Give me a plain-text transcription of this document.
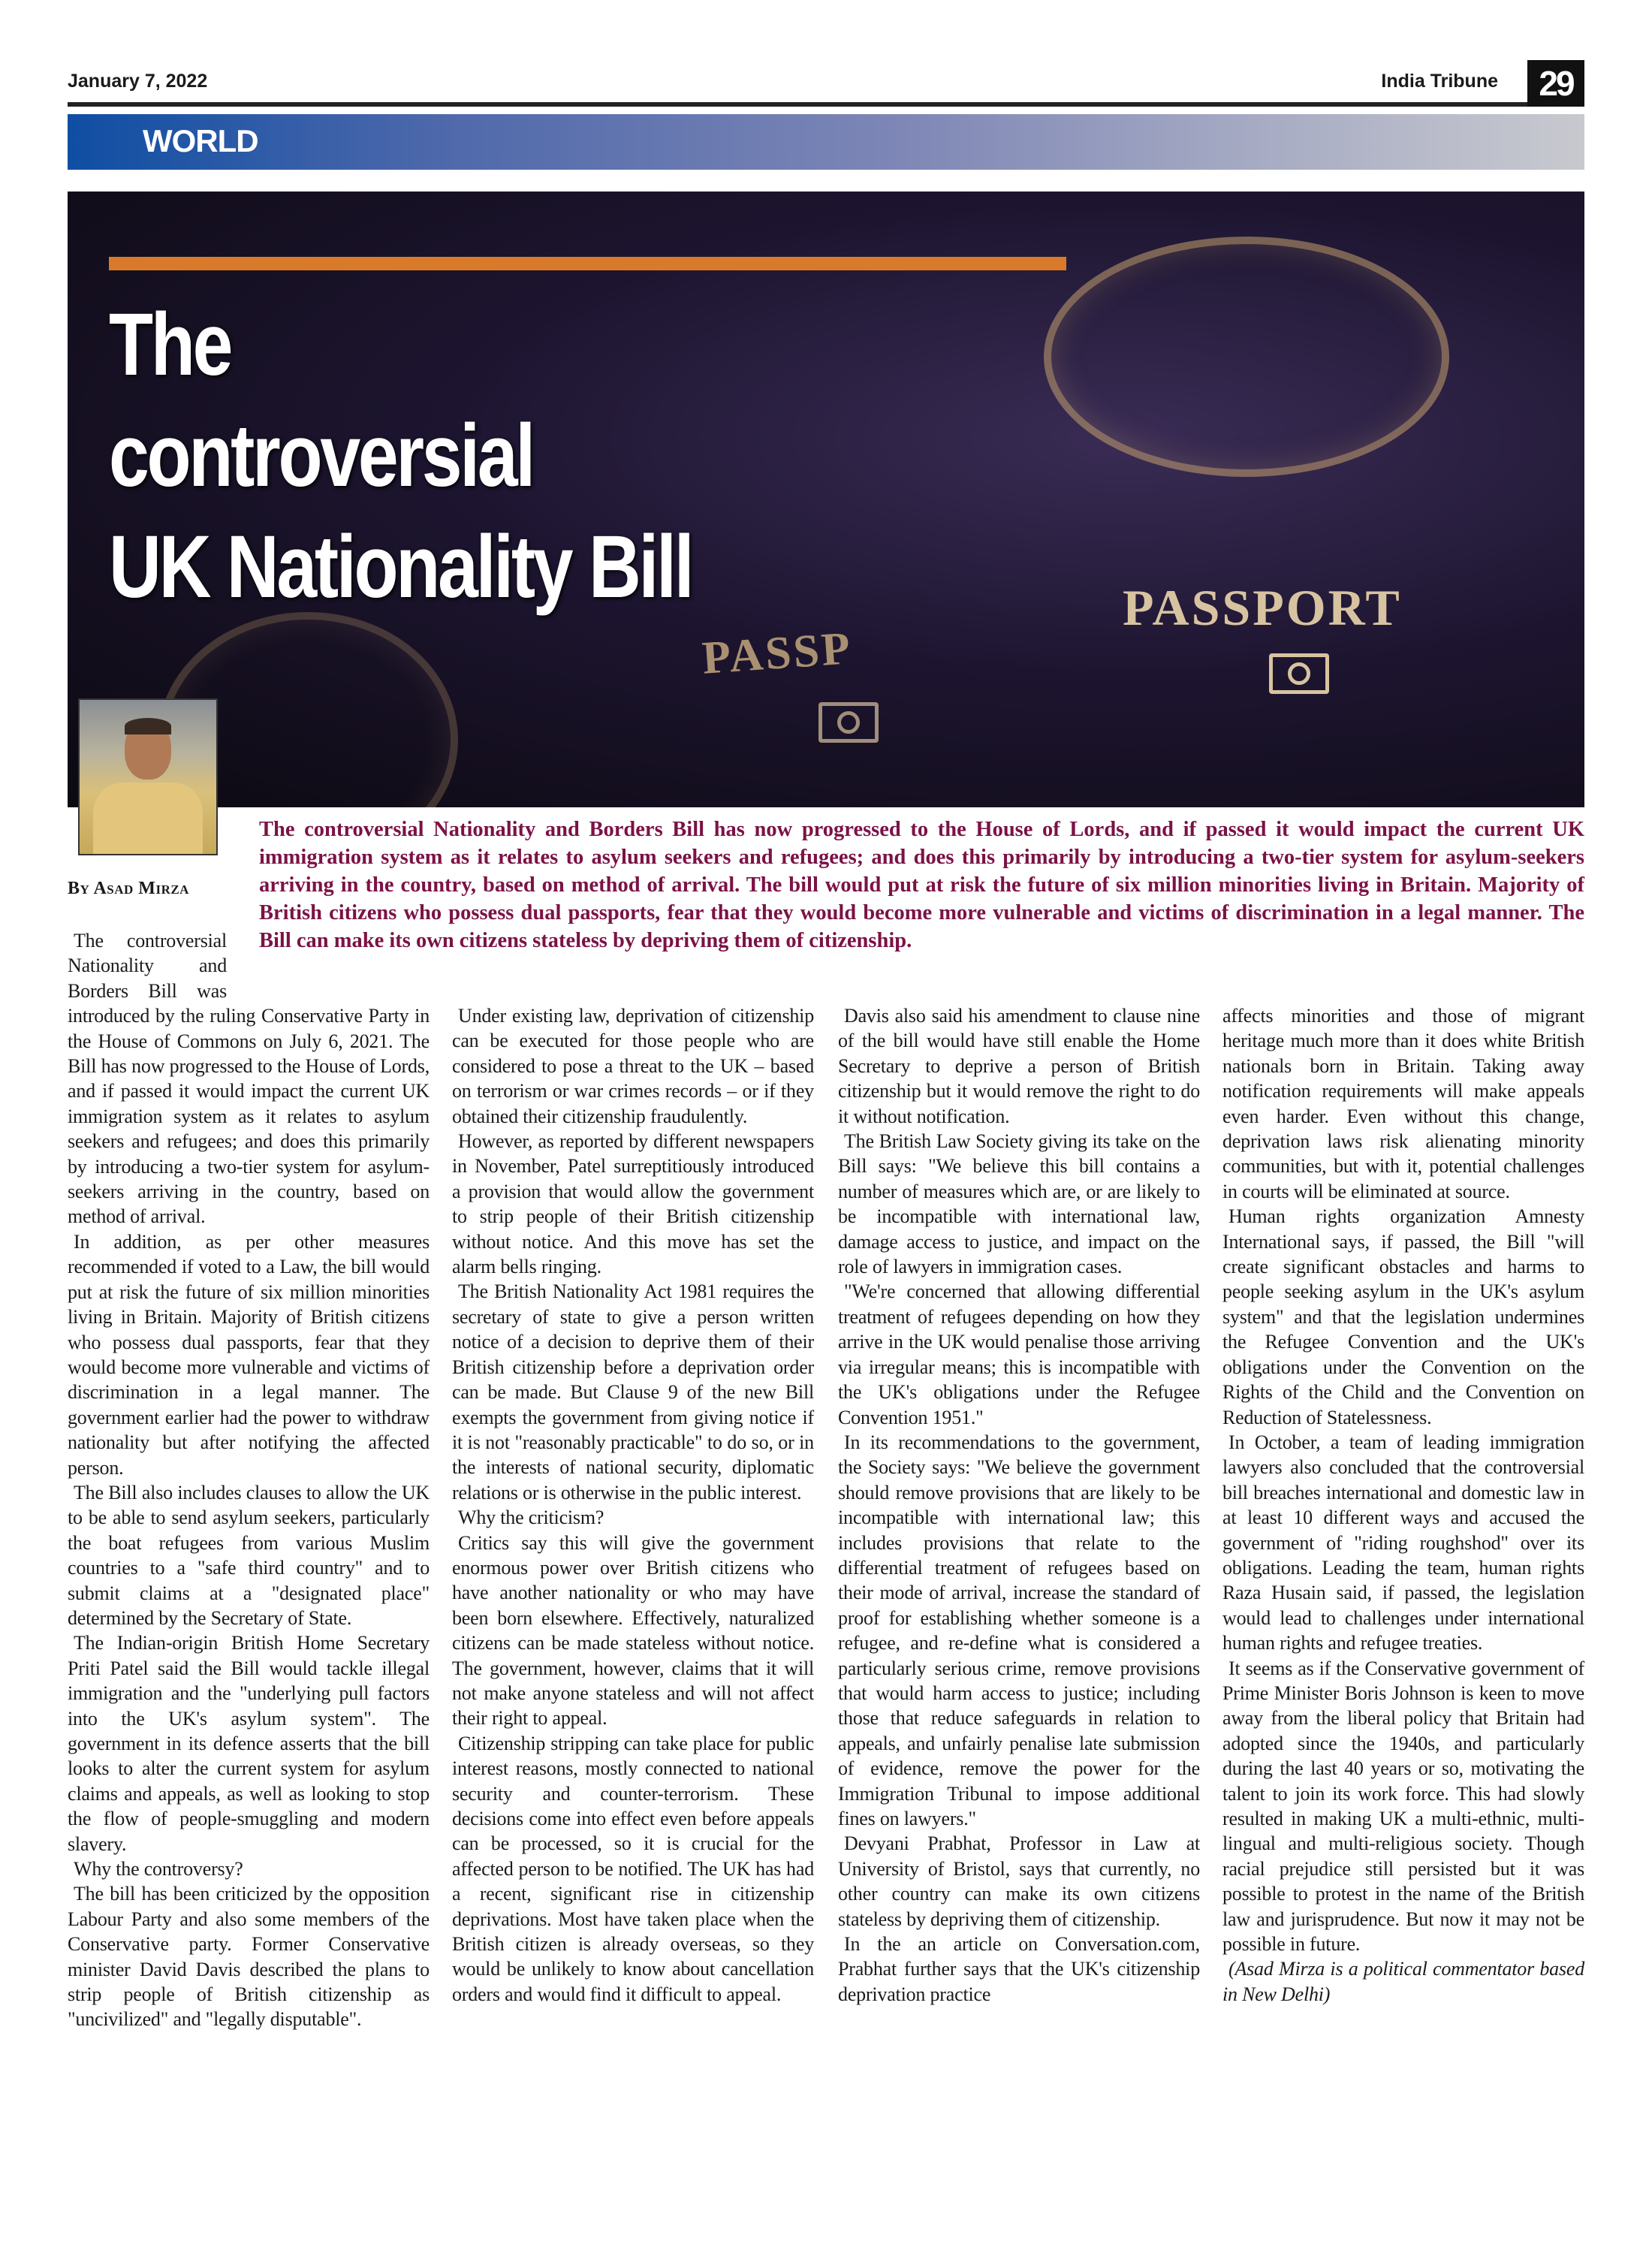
January 7, 2022	India Tribune	29
WORLD
PASSPORT
PASSP
The
controversial
UK Nationality Bill
The controversial Nationality and Borders Bill has now progressed to the House of Lords, and if passed it would impact the current UK immigration system as it relates to asylum seekers and refugees; and does this primarily by introducing a two-tier system for asylum-seekers arriving in the country, based on method of arrival. The bill would put at risk the future of six million minorities living in Britain. Majority of British citizens who possess dual passports, fear that they would become more vulnerable and victims of discrimination in a legal manner. The Bill can make its own citizens stateless by depriving them of citizenship.
By Asad Mirza

The controversial Nationality and Borders Bill was introduced by the ruling Conservative Party in the House of Commons on July 6, 2021. The Bill has now progressed to the House of Lords, and if passed it would impact the current UK immigration system as it relates to asylum seekers and refugees; and does this primarily by introducing a two-tier system for asylum-seekers arriving in the country, based on method of arrival.

In addition, as per other measures recommended if voted to a Law, the bill would put at risk the future of six million minorities living in Britain. Majority of British citizens who possess dual passports, fear that they would become more vulnerable and victims of discrimination in a legal manner. The government earlier had the power to withdraw nationality but after notifying the affected person.

The Bill also includes clauses to allow the UK to be able to send asylum seekers, particularly the boat refugees from various Muslim countries to a "safe third country" and to submit claims at a "designated place" determined by the Secretary of State.

The Indian-origin British Home Secretary Priti Patel said the Bill would tackle illegal immigration and the "underlying pull factors into the UK's asylum system". The government in its defence asserts that the bill looks to alter the current system for asylum claims and appeals, as well as looking to stop the flow of people-smuggling and modern slavery.

Why the controversy?

The bill has been criticized by the opposition Labour Party and also some members of the Conservative party. Former Conservative minister David Davis described the plans to strip people of British citizenship as "uncivilized" and "legally disputable".

Under existing law, deprivation of citizenship can be executed for those people who are considered to pose a threat to the UK – based on terrorism or war crimes records – or if they obtained their citizenship fraudulently.

However, as reported by different newspapers in November, Patel surreptitiously introduced a provision that would allow the government to strip people of their British citizenship without notice. And this move has set the alarm bells ringing.

The British Nationality Act 1981 requires the secretary of state to give a person written notice of a decision to deprive them of their British citizenship before a deprivation order can be made. But Clause 9 of the new Bill exempts the government from giving notice if it is not "reasonably practicable" to do so, or in the interests of national security, diplomatic relations or is otherwise in the public interest.

Why the criticism?

Critics say this will give the government enormous power over British citizens who have another nationality or who may have been born elsewhere. Effectively, naturalized citizens can be made stateless without notice. The government, however, claims that it will not make anyone stateless and will not affect their right to appeal.

Citizenship stripping can take place for public interest reasons, mostly connected to national security and counter-terrorism. These decisions come into effect even before appeals can be processed, so it is crucial for the affected person to be notified. The UK has had a recent, significant rise in citizenship deprivations. Most have taken place when the British citizen is already overseas, so they would be unlikely to know about cancellation orders and would find it difficult to appeal.

Davis also said his amendment to clause nine of the bill would have still enable the Home Secretary to deprive a person of British citizenship but it would remove the right to do it without notification.

The British Law Society giving its take on the Bill says: "We believe this bill contains a number of measures which are, or are likely to be incompatible with international law, damage access to justice, and impact on the role of lawyers in immigration cases.

"We're concerned that allowing differential treatment of refugees depending on how they arrive in the UK would penalise those arriving via irregular means; this is incompatible with the UK's obligations under the Refugee Convention 1951."

In its recommendations to the government, the Society says: "We believe the government should remove provisions that are likely to be incompatible with international law; this includes provisions that relate to the differential treatment of refugees based on their mode of arrival, increase the standard of proof for establishing whether someone is a refugee, and re-define what is considered a particularly serious crime, remove provisions that would harm access to justice; including those that reduce safeguards in relation to appeals, and unfairly penalise late submission of evidence, remove the power for the Immigration Tribunal to impose additional fines on lawyers."

Devyani Prabhat, Professor in Law at University of Bristol, says that currently, no other country can make its own citizens stateless by depriving them of citizenship.

In the an article on Conversation.com, Prabhat further says that the UK's citizenship deprivation practice

affects minorities and those of migrant heritage much more than it does white British nationals born in Britain. Taking away notification requirements will make appeals even harder. Even without this change, deprivation laws risk alienating minority communities, but with it, potential challenges in courts will be eliminated at source.

Human rights organization Amnesty International says, if passed, the Bill "will create significant obstacles and harms to people seeking asylum in the UK's asylum system" and that the legislation undermines the Refugee Convention and the UK's obligations under the Convention on the Rights of the Child and the Convention on Reduction of Statelessness.

In October, a team of leading immigration lawyers also concluded that the controversial bill breaches international and domestic law in at least 10 different ways and accused the government of "riding roughshod" over its obligations. Leading the team, human rights Raza Husain said, if passed, the legislation would lead to challenges under international human rights and refugee treaties.

It seems as if the Conservative government of Prime Minister Boris Johnson is keen to move away from the liberal policy that Britain had adopted since the 1940s, and particularly during the last 40 years or so, motivating the talent to join its work force. This had slowly resulted in making UK a multi-ethnic, multi-lingual and multi-religious society. Though racial prejudice still persisted but it was possible to protest in the name of the British law and jurisprudence. But now it may not be possible in future.

(Asad Mirza is a political commentator based in New Delhi)
